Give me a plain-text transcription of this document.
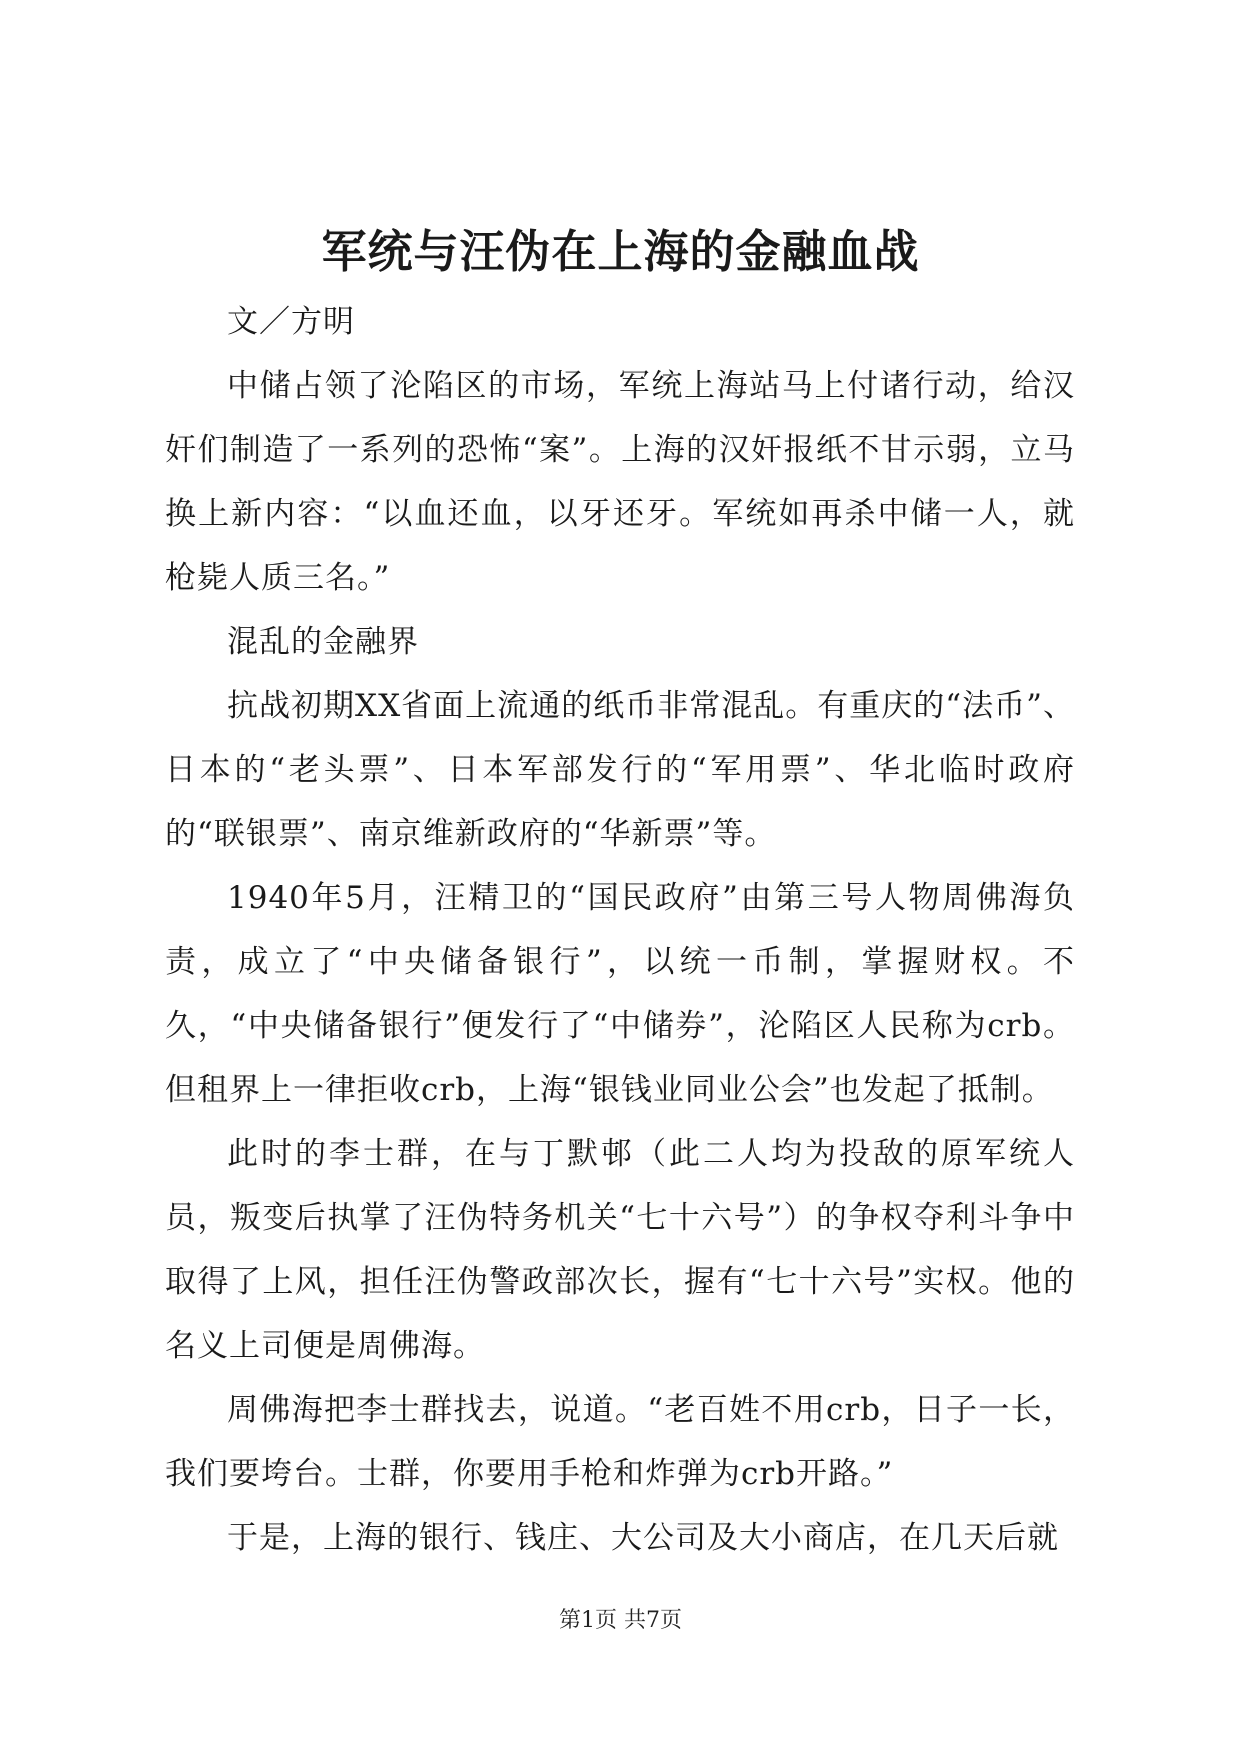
军统与汪伪在上海的金融血战

文／方明

中储占领了沦陷区的市场，军统上海站马上付诸行动，给汉奸们制造了一系列的恐怖“案”。上海的汉奸报纸不甘示弱，立马换上新内容：“以血还血，以牙还牙。军统如再杀中储一人，就枪毙人质三名。”

混乱的金融界

抗战初期XX省面上流通的纸币非常混乱。有重庆的“法币”、日本的“老头票”、日本军部发行的“军用票”、华北临时政府的“联银票”、南京维新政府的“华新票”等。

1940年5月，汪精卫的“国民政府”由第三号人物周佛海负责，成立了“中央储备银行”，以统一币制，掌握财权。不久，“中央储备银行”便发行了“中储券”，沦陷区人民称为crb。但租界上一律拒收crb，上海“银钱业同业公会”也发起了抵制。

此时的李士群，在与丁默邨（此二人均为投敌的原军统人员，叛变后执掌了汪伪特务机关“七十六号”）的争权夺利斗争中取得了上风，担任汪伪警政部次长，握有“七十六号”实权。他的名义上司便是周佛海。

周佛海把李士群找去，说道。“老百姓不用crb，日子一长，我们要垮台。士群，你要用手枪和炸弹为crb开路。”

于是，上海的银行、钱庄、大公司及大小商店，在几天后就

第1页 共7页
